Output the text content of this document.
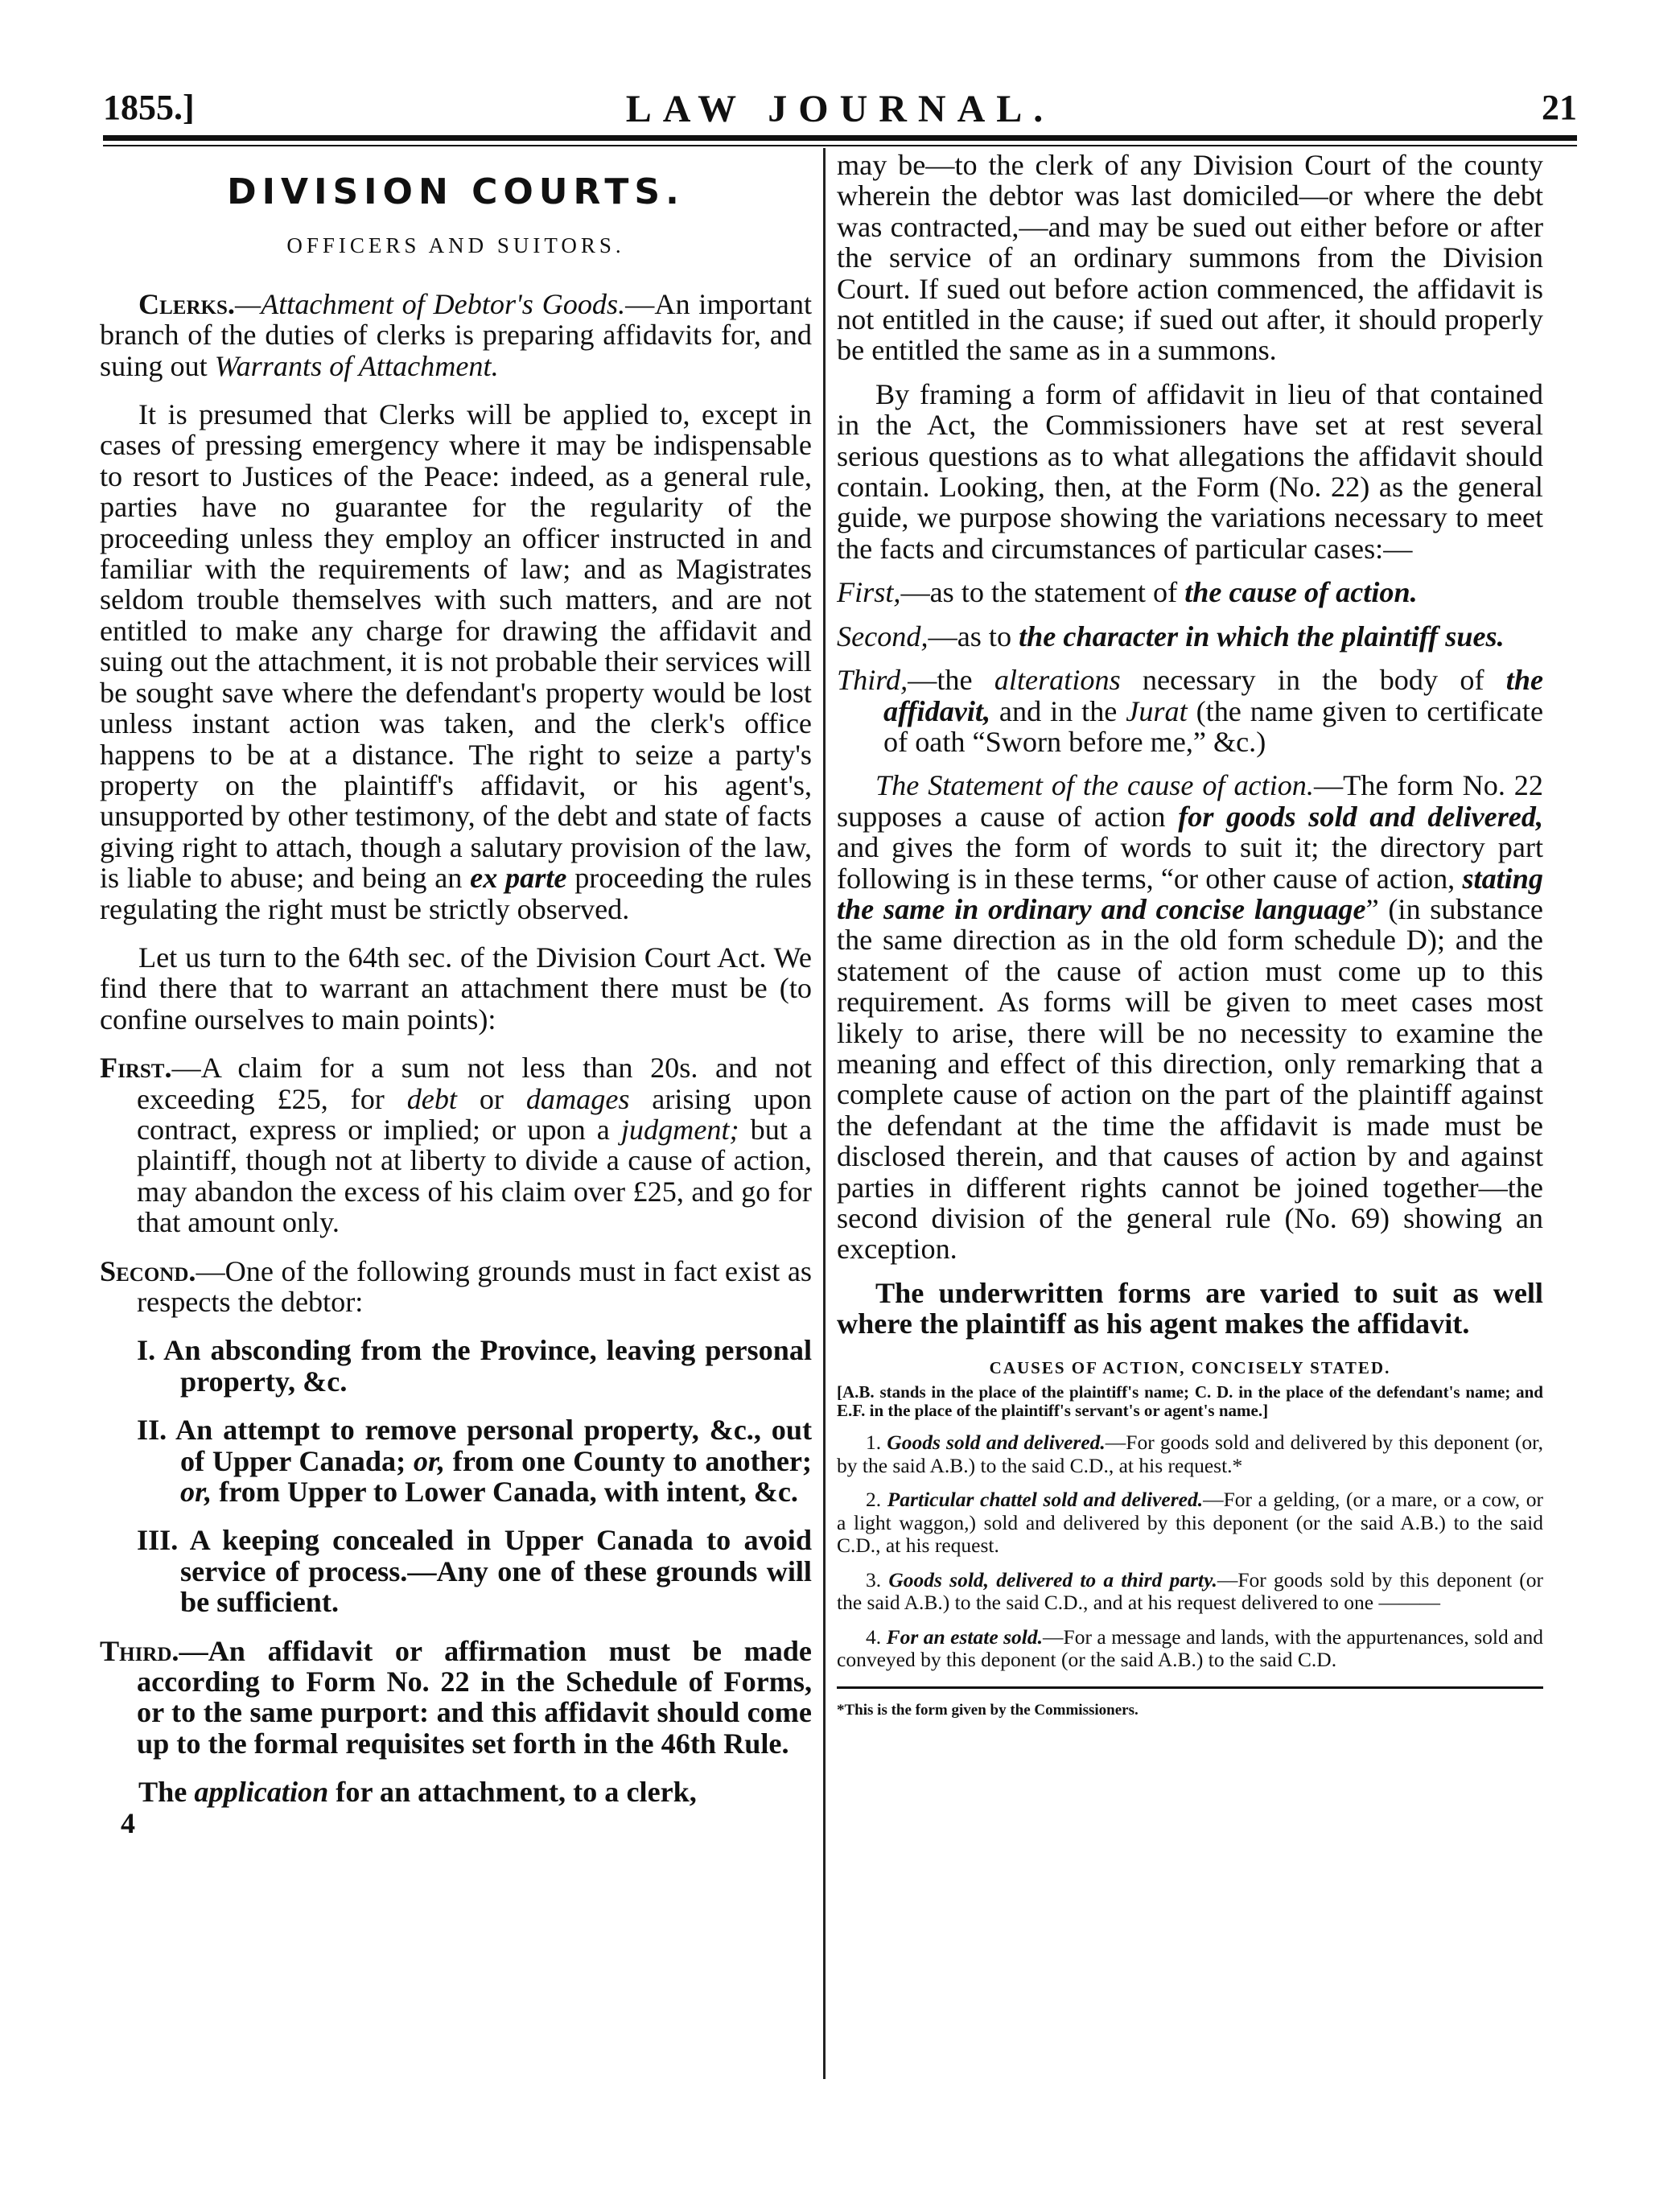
1855.]	LAW JOURNAL.	21
DIVISION COURTS.
OFFICERS AND SUITORS.

Clerks.—Attachment of Debtor's Goods.—An important branch of the duties of clerks is preparing affidavits for, and suing out Warrants of Attachment.

It is presumed that Clerks will be applied to, except in cases of pressing emergency where it may be indispensable to resort to Justices of the Peace: indeed, as a general rule, parties have no guarantee for the regularity of the proceeding unless they employ an officer instructed in and familiar with the requirements of law; and as Magistrates seldom trouble themselves with such matters, and are not entitled to make any charge for drawing the affidavit and suing out the attachment, it is not probable their services will be sought save where the defendant's property would be lost unless instant action was taken, and the clerk's office happens to be at a distance. The right to seize a party's property on the plaintiff's affidavit, or his agent's, unsupported by other testimony, of the debt and state of facts giving right to attach, though a salutary provision of the law, is liable to abuse; and being an ex parte proceeding the rules regulating the right must be strictly observed.

Let us turn to the 64th sec. of the Division Court Act. We find there that to warrant an attachment there must be (to confine ourselves to main points):

First.—A claim for a sum not less than 20s. and not exceeding £25, for debt or damages arising upon contract, express or implied; or upon a judgment; but a plaintiff, though not at liberty to divide a cause of action, may abandon the excess of his claim over £25, and go for that amount only.

Second.—One of the following grounds must in fact exist as respects the debtor:

I. An absconding from the Province, leaving personal property, &c.

II. An attempt to remove personal property, &c., out of Upper Canada; or, from one County to another; or, from Upper to Lower Canada, with intent, &c.

III. A keeping concealed in Upper Canada to avoid service of process.—Any one of these grounds will be sufficient.

Third.—An affidavit or affirmation must be made according to Form No. 22 in the Schedule of Forms, or to the same purport: and this affidavit should come up to the formal requisites set forth in the 46th Rule.

The application for an attachment, to a clerk,

4

may be—to the clerk of any Division Court of the county wherein the debtor was last domiciled—or where the debt was contracted,—and may be sued out either before or after the service of an ordinary summons from the Division Court. If sued out before action commenced, the affidavit is not entitled in the cause; if sued out after, it should properly be entitled the same as in a summons.

By framing a form of affidavit in lieu of that contained in the Act, the Commissioners have set at rest several serious questions as to what allegations the affidavit should contain. Looking, then, at the Form (No. 22) as the general guide, we purpose showing the variations necessary to meet the facts and circumstances of particular cases:—

First,—as to the statement of the cause of action.

Second,—as to the character in which the plaintiff sues.

Third,—the alterations necessary in the body of the affidavit, and in the Jurat (the name given to certificate of oath “Sworn before me,” &c.)

The Statement of the cause of action.—The form No. 22 supposes a cause of action for goods sold and delivered, and gives the form of words to suit it; the directory part following is in these terms, “or other cause of action, stating the same in ordinary and concise language” (in substance the same direction as in the old form schedule D); and the statement of the cause of action must come up to this requirement. As forms will be given to meet cases most likely to arise, there will be no necessity to examine the meaning and effect of this direction, only remarking that a complete cause of action on the part of the plaintiff against the defendant at the time the affidavit is made must be disclosed therein, and that causes of action by and against parties in different rights cannot be joined together—the second division of the general rule (No. 69) showing an exception.

The underwritten forms are varied to suit as well where the plaintiff as his agent makes the affidavit.

CAUSES OF ACTION, CONCISELY STATED.

[A.B. stands in the place of the plaintiff's name; C. D. in the place of the defendant's name; and E.F. in the place of the plaintiff's servant's or agent's name.]

1. Goods sold and delivered.—For goods sold and delivered by this deponent (or, by the said A.B.) to the said C.D., at his request.*

2. Particular chattel sold and delivered.—For a gelding, (or a mare, or a cow, or a light waggon,) sold and delivered by this deponent (or the said A.B.) to the said C.D., at his request.

3. Goods sold, delivered to a third party.—For goods sold by this deponent (or the said A.B.) to the said C.D., and at his request delivered to one ———

4. For an estate sold.—For a message and lands, with the appurtenances, sold and conveyed by this deponent (or the said A.B.) to the said C.D.

*This is the form given by the Commissioners.
